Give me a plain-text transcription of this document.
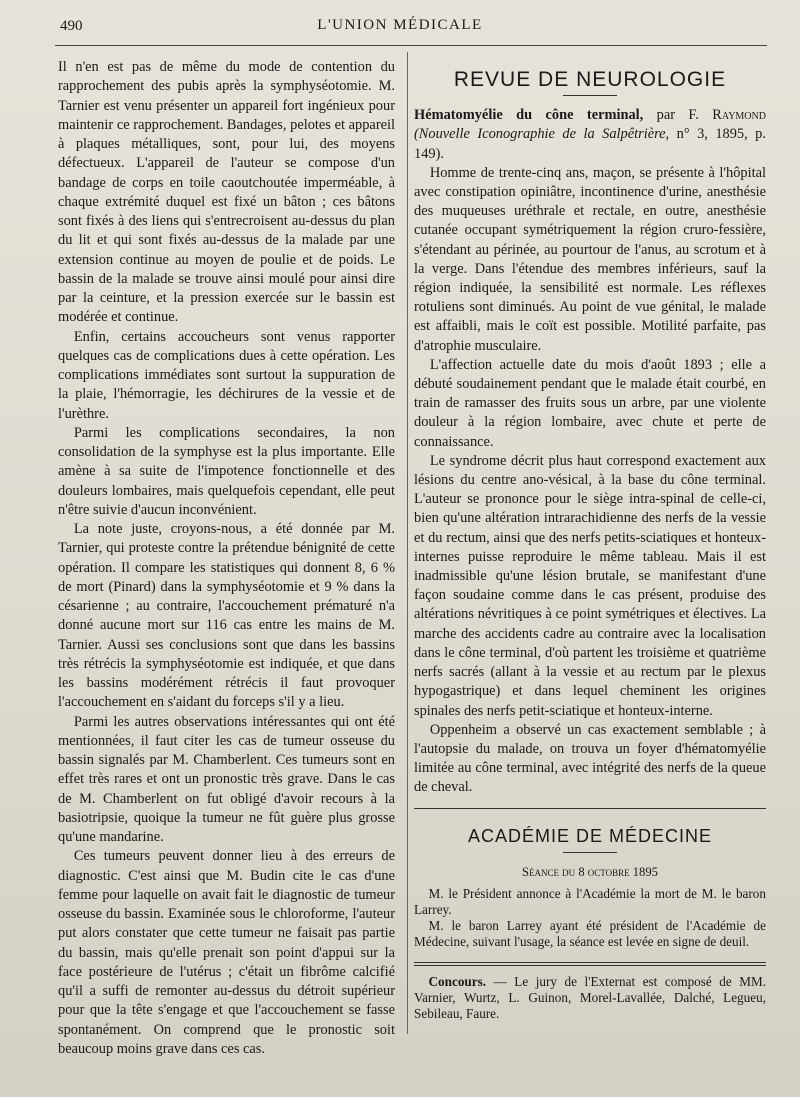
490	L'UNION MÉDICALE

Il n'en est pas de même du mode de contention du rapprochement des pubis après la symphyséotomie. M. Tarnier est venu présenter un appareil fort ingénieux pour maintenir ce rapprochement. Bandages, pelotes et appareil à plaques métalliques, sont, pour lui, des moyens défectueux. L'appareil de l'auteur se compose d'un bandage de corps en toile caoutchoutée imperméable, à chaque extrémité duquel est fixé un bâton ; ces bâtons sont fixés à des liens qui s'entrecroisent au-dessus du plan du lit et qui sont fixés au-dessus de la malade par une extension continue au moyen de poulie et de poids. Le bassin de la malade se trouve ainsi moulé pour ainsi dire par la ceinture, et la pression exercée sur le bassin est modérée et continue.

Enfin, certains accoucheurs sont venus rapporter quelques cas de complications dues à cette opération. Les complications immédiates sont surtout la suppuration de la plaie, l'hémorragie, les déchirures de la vessie et de l'urèthre.

Parmi les complications secondaires, la non consolidation de la symphyse est la plus importante. Elle amène à sa suite de l'impotence fonctionnelle et des douleurs lombaires, mais quelquefois cependant, elle peut n'être suivie d'aucun inconvénient.

La note juste, croyons-nous, a été donnée par M. Tarnier, qui proteste contre la prétendue bénignité de cette opération. Il compare les statistiques qui donnent 8, 6 % de mort (Pinard) dans la symphyséotomie et 9 % dans la césarienne ; au contraire, l'accouchement prématuré n'a donné aucune mort sur 116 cas entre les mains de M. Tarnier. Aussi ses conclusions sont que dans les bassins très rétrécis la symphyséotomie est indiquée, et que dans les bassins modérément rétrécis il faut provoquer l'accouchement en s'aidant du forceps s'il y a lieu.

Parmi les autres observations intéressantes qui ont été mentionnées, il faut citer les cas de tumeur osseuse du bassin signalés par M. Chamberlent. Ces tumeurs sont en effet très rares et ont un pronostic très grave. Dans le cas de M. Chamberlent on fut obligé d'avoir recours à la basiotripsie, quoique la tumeur ne fût guère plus grosse qu'une mandarine.

Ces tumeurs peuvent donner lieu à des erreurs de diagnostic. C'est ainsi que M. Budin cite le cas d'une femme pour laquelle on avait fait le diagnostic de tumeur osseuse du bassin. Examinée sous le chloroforme, l'auteur put alors constater que cette tumeur ne faisait pas partie du bassin, mais qu'elle prenait son point d'appui sur la face postérieure de l'utérus ; c'était un fibrôme calcifié qu'il a suffi de remonter au-dessus du détroit supérieur pour que la tête s'engage et que l'accouchement se fasse spontanément. On comprend que le pronostic soit beaucoup moins grave dans ces cas.

REVUE DE NEUROLOGIE

Hématomyélie du cône terminal, par F. Raymond (Nouvelle Iconographie de la Salpêtrière, n° 3, 1895, p. 149).

Homme de trente-cinq ans, maçon, se présente à l'hôpital avec constipation opiniâtre, incontinence d'urine, anesthésie des muqueuses uréthrale et rectale, en outre, anesthésie cutanée occupant symétriquement la région cruro-fessière, s'étendant au périnée, au pourtour de l'anus, au scrotum et à la verge. Dans l'étendue des membres inférieurs, sauf la région indiquée, la sensibilité est normale. Les réflexes rotuliens sont diminués. Au point de vue génital, le malade est affaibli, mais le coït est possible. Motilité parfaite, pas d'atrophie musculaire.

L'affection actuelle date du mois d'août 1893 ; elle a débuté soudainement pendant que le malade était courbé, en train de ramasser des fruits sous un arbre, par une violente douleur à la région lombaire, avec chute et perte de connaissance.

Le syndrome décrit plus haut correspond exactement aux lésions du centre ano-vésical, à la base du cône terminal. L'auteur se prononce pour le siège intra-spinal de celle-ci, bien qu'une altération intrarachidienne des nerfs de la vessie et du rectum, ainsi que des nerfs petits-sciatiques et honteux-internes puisse reproduire le même tableau. Mais il est inadmissible qu'une lésion brutale, se manifestant d'une façon soudaine comme dans le cas présent, produise des altérations névritiques à ce point symétriques et électives. La marche des accidents cadre au contraire avec la localisation dans le cône terminal, d'où partent les troisième et quatrième nerfs sacrés (allant à la vessie et au rectum par le plexus hypogastrique) et dans lequel cheminent les origines spinales des nerfs petit-sciatique et honteux-interne.

Oppenheim a observé un cas exactement semblable ; à l'autopsie du malade, on trouva un foyer d'hématomyélie limitée au cône terminal, avec intégrité des nerfs de la queue de cheval.

ACADÉMIE DE MÉDECINE
Séance du 8 octobre 1895

M. le Président annonce à l'Académie la mort de M. le baron Larrey.

M. le baron Larrey ayant été président de l'Académie de Médecine, suivant l'usage, la séance est levée en signe de deuil.

Concours. — Le jury de l'Externat est composé de MM. Varnier, Wurtz, L. Guinon, Morel-Lavallée, Dalché, Legueu, Sebileau, Faure.
